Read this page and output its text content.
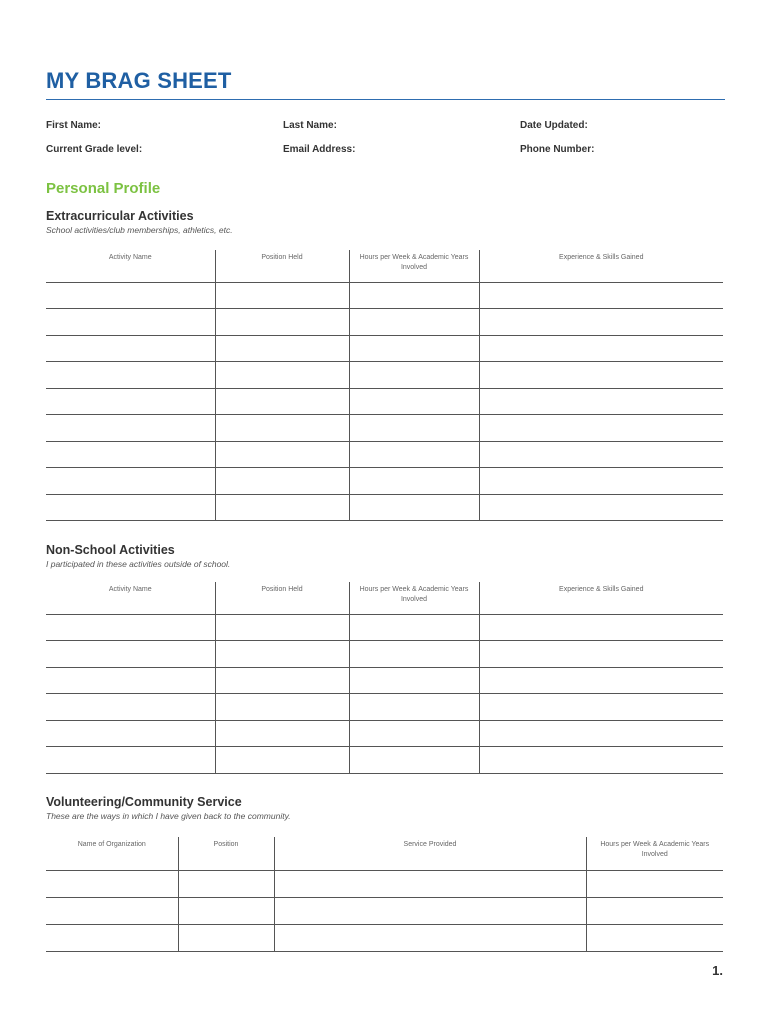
MY BRAG SHEET
First Name:	Last Name:	Date Updated:
Current Grade level:	Email Address:	Phone Number:
Personal Profile
Extracurricular Activities
School activities/club memberships, athletics, etc.
Activity Name	Position Held	Hours per Week & Academic Years Involved	Experience & Skills Gained

Non-School Activities
I participated in these activities outside of school.
Activity Name	Position Held	Hours per Week & Academic Years Involved	Experience & Skills Gained

Volunteering/Community Service
These are the ways in which I have given back to the community.
Name of Organization	Position	Service Provided	Hours per Week & Academic Years Involved

1.
